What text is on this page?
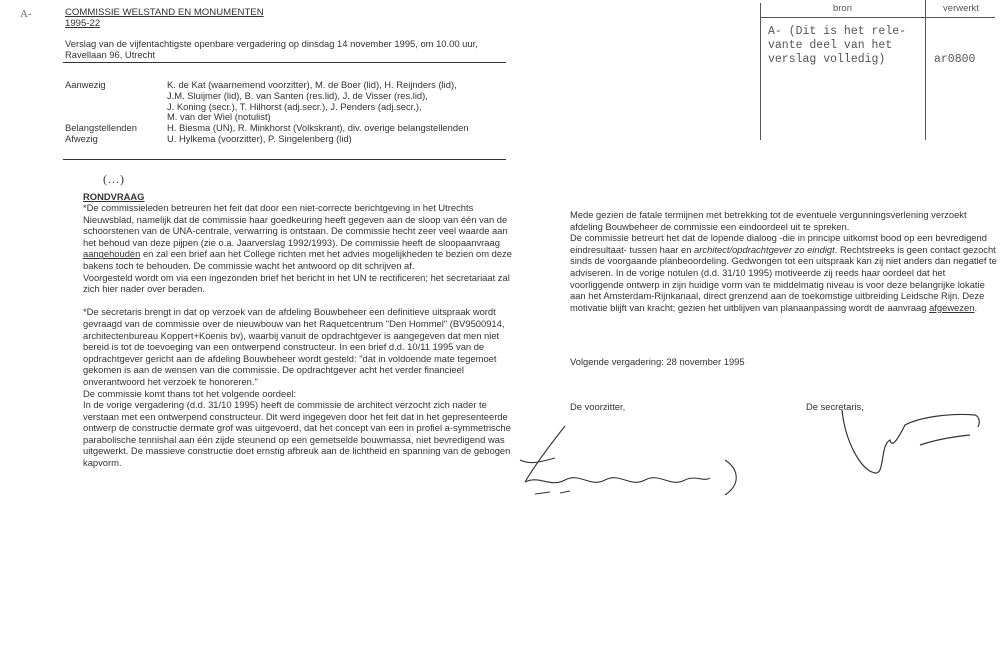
A-	COMMISSIE WELSTAND EN MONUMENTEN
1995-22
Verslag van de vijfentachtigste openbare vergadering op dinsdag 14 november 1995, om 10.00 uur, Ravellaan 96, Utrecht
Aanwezig	K. de Kat (waarnemend voorzitter), M. de Boer (lid), H. Reijnders (lid),
J.M. Sluijmer (lid), B. van Santen (res.lid), J. de Visser (res.lid),
J. Koning (secr.), T. Hilhorst (adj.secr.), J. Penders (adj.secr.),
M. van der Wiel (notulist)
Belangstellenden	H. Biesma (UN), R. Minkhorst (Volkskrant), div. overige belangstellenden
Afwezig	U. Hylkema (voorzitter), P. Singelenberg (lid)
(...)
RONDVRAAG

*De commissieleden betreuren het feit dat door een niet-correcte berichtgeving in het Utrechts Nieuwsblad, namelijk dat de commissie haar goedkeuring heeft gegeven aan de sloop van één van de schoorstenen van de UNA-centrale, verwarring is ontstaan. De commissie hecht zeer veel waarde aan het behoud van deze pijpen (zie o.a. Jaarverslag 1992/1993). De commissie heeft de sloopaanvraag aangehouden en zal een brief aan het College richten met het advies mogelijkheden te bezien om deze bakens toch te behouden. De commissie wacht het antwoord op dit schrijven af.

Voorgesteld wordt om via een ingezonden brief het bericht in het UN te rectificeren; het secretariaat zal zich hier nader over beraden.

*De secretaris brengt in dat op verzoek van de afdeling Bouwbeheer een definitieve uitspraak wordt gevraagd van de commissie over de nieuwbouw van het Raquetcentrum "Den Hommel" (BV9500914, architectenbureau Koppert+Koenis bv), waarbij vanuit de opdrachtgever is aangegeven dat men niet bereid is tot de toevoeging van een ontwerpend constructeur. In een brief d.d. 10/11 1995 van de opdrachtgever gericht aan de afdeling Bouwbeheer wordt gesteld: "dat in voldoende mate tegemoet gekomen is aan de wensen van die commissie. De opdrachtgever acht het verder financieel onverantwoord het verzoek te honoreren."

De commissie komt thans tot het volgende oordeel:

In de vorige vergadering (d.d. 31/10 1995) heeft de commissie de architect verzocht zich nader te verstaan met een ontwerpend constructeur. Dit werd ingegeven door het feit dat in het gepresenteerde ontwerp de constructie dermate grof was uitgevoerd, dat het concept van een in profiel a-symmetrische parabolische tennishal aan één zijde steunend op een gemetselde bouwmassa, niet bevredigend was uitgewerkt. De massieve constructie doet ernstig afbreuk aan de lichtheid en spanning van de gebogen kapvorm.

Mede gezien de fatale termijnen met betrekking tot de eventuele vergunningsverlening verzoekt afdeling Bouwbeheer de commissie een eindoordeel uit te spreken.

De commissie betreurt het dat de lopende dialoog -die in principe uitkomst bood op een bevredigend eindresultaat- tussen haar en architect/opdrachtgever zo eindigt. Rechtstreeks is geen contact gezocht sinds de voorgaande planbeoordeling. Gedwongen tot een uitspraak kan zij niet anders dan negatief te adviseren. In de vorige notulen (d.d. 31/10 1995) motiveerde zij reeds haar oordeel dat het voorliggende ontwerp in zijn huidige vorm van te middelmatig niveau is voor deze belangrijke lokatie aan het Amsterdam-Rijnkanaal, direct grenzend aan de toekomstige uitbreiding Leidsche Rijn. Deze motivatie blijft van kracht; gezien het uitblijven van planaanpassing wordt de aanvraag afgewezen.

Volgende vergadering: 28 november 1995
De voorzitter,	De secretaris,
bron	verwerkt
A- (Dit is het rele-
vante deel van het
verslag volledig)	ar0800
